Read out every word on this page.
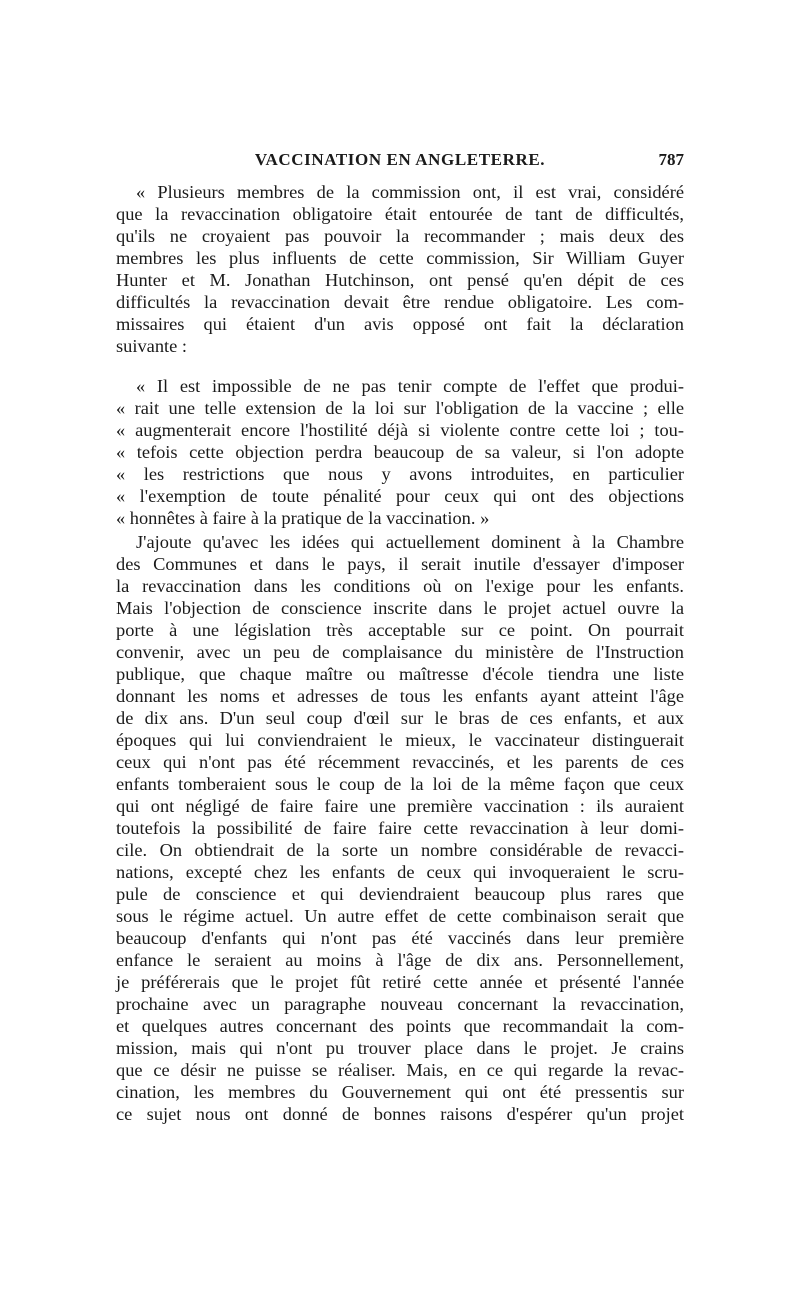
VACCINATION EN ANGLETERRE.	787
« Plusieurs membres de la commission ont, il est vrai, considéré
que la revaccination obligatoire était entourée de tant de difficultés,
qu'ils ne croyaient pas pouvoir la recommander ; mais deux des
membres les plus influents de cette commission, Sir William Guyer
Hunter et M. Jonathan Hutchinson, ont pensé qu'en dépit de ces
difficultés la revaccination devait être rendue obligatoire. Les com-
missaires qui étaient d'un avis opposé ont fait la déclaration
suivante :
« Il est impossible de ne pas tenir compte de l'effet que produi-
« rait une telle extension de la loi sur l'obligation de la vaccine ; elle
« augmenterait encore l'hostilité déjà si violente contre cette loi ; tou-
« tefois cette objection perdra beaucoup de sa valeur, si l'on adopte
« les restrictions que nous y avons introduites, en particulier
« l'exemption de toute pénalité pour ceux qui ont des objections
« honnêtes à faire à la pratique de la vaccination. »
J'ajoute qu'avec les idées qui actuellement dominent à la Chambre
des Communes et dans le pays, il serait inutile d'essayer d'imposer
la revaccination dans les conditions où on l'exige pour les enfants.
Mais l'objection de conscience inscrite dans le projet actuel ouvre la
porte à une législation très acceptable sur ce point. On pourrait
convenir, avec un peu de complaisance du ministère de l'Instruction
publique, que chaque maître ou maîtresse d'école tiendra une liste
donnant les noms et adresses de tous les enfants ayant atteint l'âge
de dix ans. D'un seul coup d'œil sur le bras de ces enfants, et aux
époques qui lui conviendraient le mieux, le vaccinateur distinguerait
ceux qui n'ont pas été récemment revaccinés, et les parents de ces
enfants tomberaient sous le coup de la loi de la même façon que ceux
qui ont négligé de faire faire une première vaccination : ils auraient
toutefois la possibilité de faire faire cette revaccination à leur domi-
cile. On obtiendrait de la sorte un nombre considérable de revacci-
nations, excepté chez les enfants de ceux qui invoqueraient le scru-
pule de conscience et qui deviendraient beaucoup plus rares que
sous le régime actuel. Un autre effet de cette combinaison serait que
beaucoup d'enfants qui n'ont pas été vaccinés dans leur première
enfance le seraient au moins à l'âge de dix ans. Personnellement,
je préférerais que le projet fût retiré cette année et présenté l'année
prochaine avec un paragraphe nouveau concernant la revaccination,
et quelques autres concernant des points que recommandait la com-
mission, mais qui n'ont pu trouver place dans le projet. Je crains
que ce désir ne puisse se réaliser. Mais, en ce qui regarde la revac-
cination, les membres du Gouvernement qui ont été pressentis sur
ce sujet nous ont donné de bonnes raisons d'espérer qu'un projet
